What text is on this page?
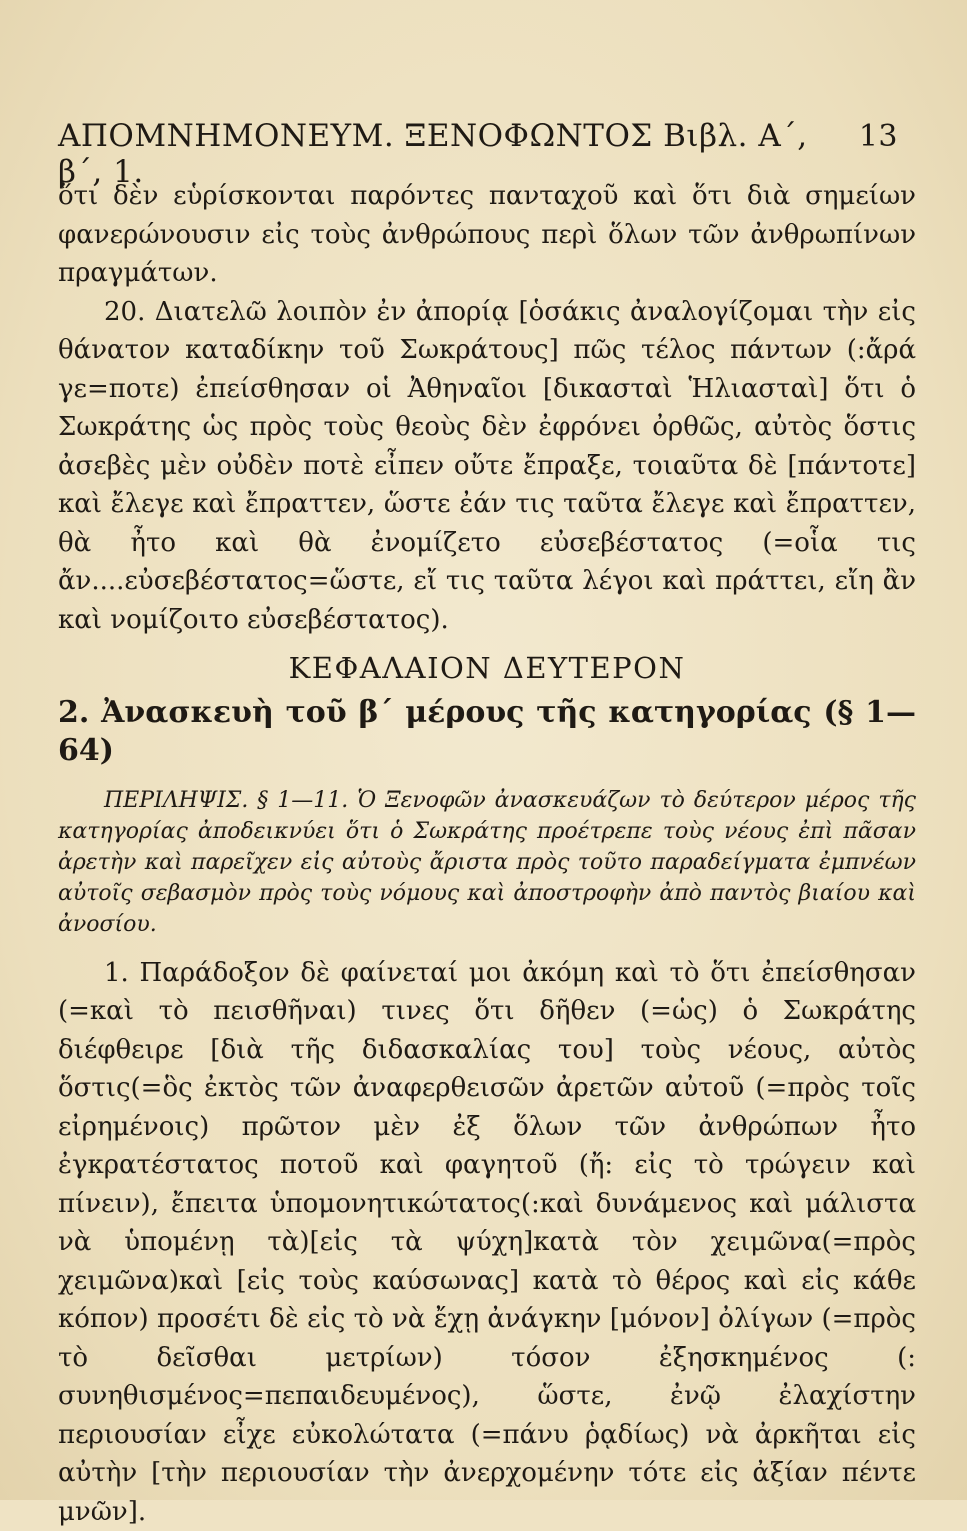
ΑΠΟΜΝΗΜΟΝΕΥΜ. ΞΕΝΟΦΩΝΤΟΣ Βιβλ. Α΄, β΄, 1.
13

ὅτι δὲν εὑρίσκονται παρόντες πανταχοῦ καὶ ὅτι διὰ σημείων φανερώνουσιν εἰς τοὺς ἀνθρώπους περὶ ὅλων τῶν ἀνθρωπίνων πραγμάτων.

20. Διατελῶ λοιπὸν ἐν ἀπορίᾳ [ὁσάκις ἀναλογίζομαι τὴν εἰς θάνατον καταδίκην τοῦ Σωκράτους] πῶς τέλος πάντων (:ἄρά γε=ποτε) ἐπείσθησαν οἱ Ἀθηναῖοι [δικασταὶ Ἡλιασταὶ] ὅτι ὁ Σωκράτης ὡς πρὸς τοὺς θεοὺς δὲν ἐφρόνει ὀρθῶς, αὐτὸς ὅστις ἀσεβὲς μὲν οὐδὲν ποτὲ εἶπεν οὔτε ἔπραξε, τοιαῦτα δὲ [πάντοτε] καὶ ἔλεγε καὶ ἔπραττεν, ὥστε ἐάν τις ταῦτα ἔλεγε καὶ ἔπραττεν, θὰ ἦτο καὶ θὰ ἐνομίζετο εὐσεβέστατος (=οἷα τις ἄν....εὐσεβέστατος=ὥστε, εἴ τις ταῦτα λέγοι καὶ πράττει, εἴη ἂν καὶ νομίζοιτο εὐσεβέστατος).

ΚΕΦΑΛΑΙΟΝ ΔΕΥΤΕΡΟΝ
2. Ἀνασκευὴ τοῦ β΄ μέρους τῆς κατηγορίας (§ 1—64)
ΠΕΡΙΛΗΨΙΣ. § 1—11. Ὁ Ξενοφῶν ἀνασκευάζων τὸ δεύτερον μέρος τῆς κατηγορίας ἀποδεικνύει ὅτι ὁ Σωκράτης προέτρεπε τοὺς νέους ἐπὶ πᾶσαν ἀρετὴν καὶ παρεῖχεν εἰς αὐτοὺς ἄριστα πρὸς τοῦτο παραδείγματα ἐμπνέων αὐτοῖς σεβασμὸν πρὸς τοὺς νόμους καὶ ἀποστροφὴν ἀπὸ παντὸς βιαίου καὶ ἀνοσίου.

1. Παράδοξον δὲ φαίνεταί μοι ἀκόμη καὶ τὸ ὅτι ἐπείσθησαν (=καὶ τὸ πεισθῆναι) τινες ὅτι δῆθεν (=ὡς) ὁ Σωκράτης διέφθειρε [διὰ τῆς διδασκαλίας του] τοὺς νέους, αὐτὸς ὅστις(=ὃς ἐκτὸς τῶν ἀναφερθεισῶν ἀρετῶν αὐτοῦ (=πρὸς τοῖς εἰρημένοις) πρῶτον μὲν ἐξ ὅλων τῶν ἀνθρώπων ἦτο ἐγκρατέστατος ποτοῦ καὶ φαγητοῦ (ἤ: εἰς τὸ τρώγειν καὶ πίνειν), ἔπειτα ὑπομονητικώτατος(:καὶ δυνάμενος καὶ μάλιστα νὰ ὑπομένῃ τὰ)[εἰς τὰ ψύχη]κατὰ τὸν χειμῶνα(=πρὸς χειμῶνα)καὶ [εἰς τοὺς καύσωνας] κατὰ τὸ θέρος καὶ εἰς κάθε κόπον) προσέτι δὲ εἰς τὸ νὰ ἔχῃ ἀνάγκην [μόνον] ὀλίγων (=πρὸς τὸ δεῖσθαι μετρίων) τόσον ἐξησκημένος (: συνηθισμένος=πεπαιδευμένος), ὥστε, ἐνῷ ἐλαχίστην περιουσίαν εἶχε εὐκολώτατα (=πάνυ ῥᾳδίως) νὰ ἀρκῆται εἰς αὐτὴν [τὴν περιουσίαν τὴν ἀνερχομένην τότε εἰς ἀξίαν πέντε μνῶν].
